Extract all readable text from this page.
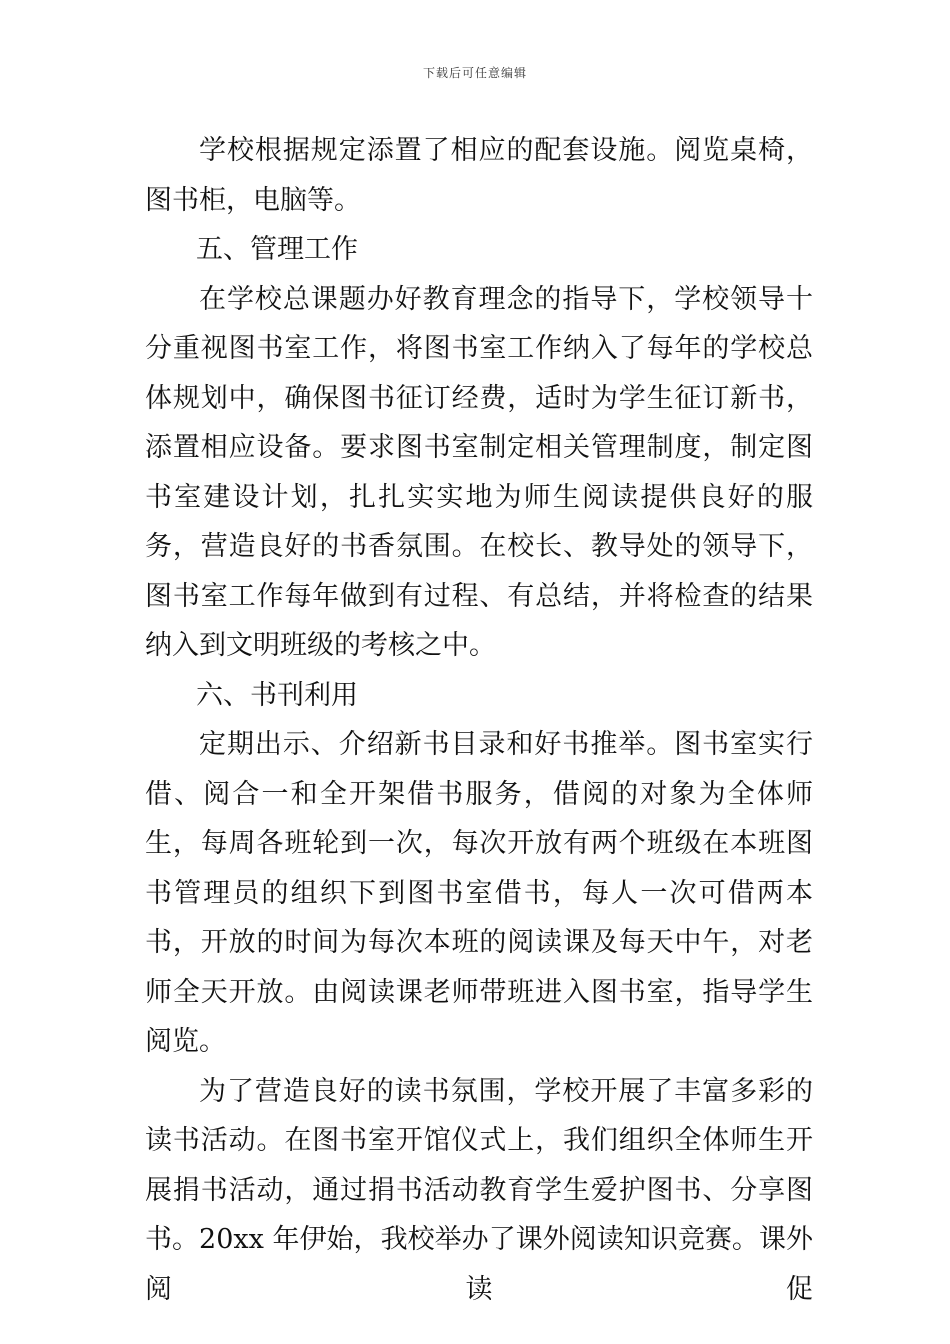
下载后可任意编辑

学校根据规定添置了相应的配套设施。阅览桌椅，图书柜，电脑等。

五、管理工作

在学校总课题办好教育理念的指导下，学校领导十分重视图书室工作，将图书室工作纳入了每年的学校总体规划中，确保图书征订经费，适时为学生征订新书，添置相应设备。要求图书室制定相关管理制度，制定图书室建设计划，扎扎实实地为师生阅读提供良好的服务，营造良好的书香氛围。在校长、教导处的领导下，图书室工作每年做到有过程、有总结，并将检查的结果纳入到文明班级的考核之中。

六、书刊利用

定期出示、介绍新书目录和好书推举。图书室实行借、阅合一和全开架借书服务，借阅的对象为全体师生，每周各班轮到一次，每次开放有两个班级在本班图书管理员的组织下到图书室借书，每人一次可借两本书，开放的时间为每次本班的阅读课及每天中午，对老师全天开放。由阅读课老师带班进入图书室，指导学生阅览。

为了营造良好的读书氛围，学校开展了丰富多彩的读书活动。在图书室开馆仪式上，我们组织全体师生开展捐书活动，通过捐书活动教育学生爱护图书、分享图书。20xx 年伊始，我校举办了课外阅读知识竞赛。课外阅读促
